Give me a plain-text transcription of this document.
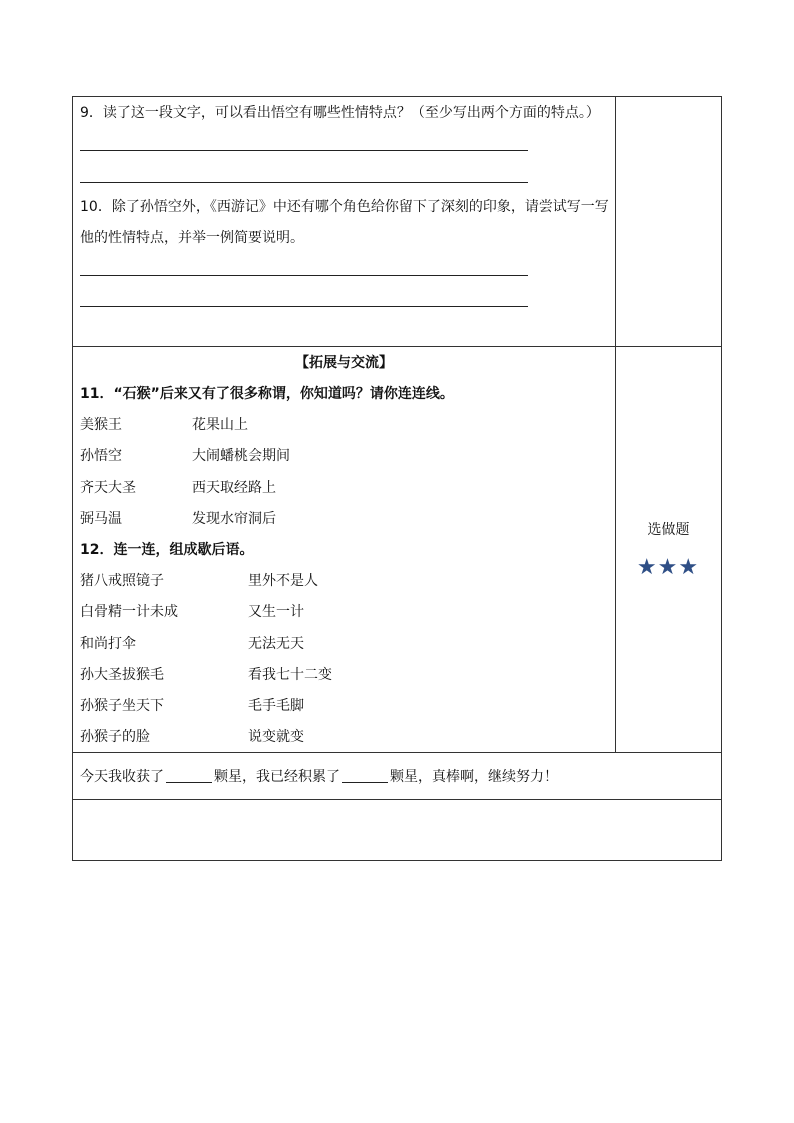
9．读了这一段文字，可以看出悟空有哪些性情特点？（至少写出两个方面的特点。）
10．除了孙悟空外，《西游记》中还有哪个角色给你留下了深刻的印象，请尝试写一写
他的性情特点，并举一例简要说明。
【拓展与交流】
11．“石猴”后来又有了很多称谓，你知道吗？请你连连线。
美猴王	花果山上
孙悟空	大闹蟠桃会期间
齐天大圣	西天取经路上
弼马温	发现水帘洞后
12．连一连，组成歇后语。
猪八戒照镜子	里外不是人
白骨精一计未成	又生一计
和尚打伞	无法无天
孙大圣拔猴毛	看我七十二变
孙猴子坐天下	毛手毛脚
孙猴子的脸	说变就变
选做题
★★★
今天我收获了	颗星，我已经积累了	颗星，真棒啊，继续努力！
